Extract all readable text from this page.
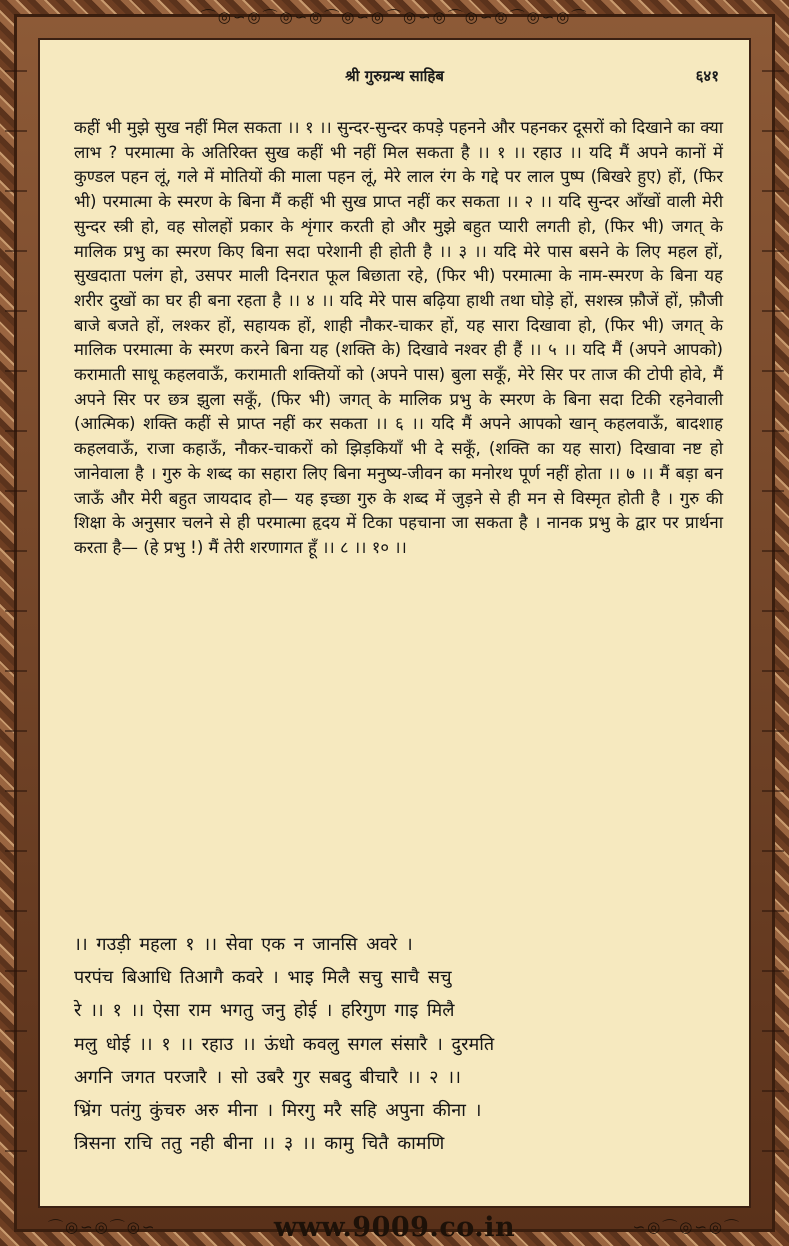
⌒◎∽◎⌒◎∽◎⌒◎∽◎⌒◎∽◎⌒◎∽◎⌒◎∽◎⌒
श्री गुरुग्रन्थ साहिब	६४१

कहीं भी मुझे सुख नहीं मिल सकता ।। १ ।। सुन्दर-सुन्दर कपड़े पहनने और पहनकर दूसरों को दिखाने का क्या लाभ ? परमात्मा के अतिरिक्त सुख कहीं भी नहीं मिल सकता है ।। १ ।। रहाउ ।। यदि मैं अपने कानों में कुण्डल पहन लूं, गले में मोतियों की माला पहन लूं, मेरे लाल रंग के गद्दे पर लाल पुष्प (बिखरे हुए) हों, (फिर भी) परमात्मा के स्मरण के बिना मैं कहीं भी सुख प्राप्त नहीं कर सकता ।। २ ।। यदि सुन्दर आँखों वाली मेरी सुन्दर स्त्री हो, वह सोलहों प्रकार के शृंगार करती हो और मुझे बहुत प्यारी लगती हो, (फिर भी) जगत् के मालिक प्रभु का स्मरण किए बिना सदा परेशानी ही होती है ।। ३ ।। यदि मेरे पास बसने के लिए महल हों, सुखदाता पलंग हो, उसपर माली दिनरात फूल बिछाता रहे, (फिर भी) परमात्मा के नाम-स्मरण के बिना यह शरीर दुखों का घर ही बना रहता है ।। ४ ।। यदि मेरे पास बढ़िया हाथी तथा घोड़े हों, सशस्त्र फ़ौजें हों, फ़ौजी बाजे बजते हों, लश्कर हों, सहायक हों, शाही नौकर-चाकर हों, यह सारा दिखावा हो, (फिर भी) जगत् के मालिक परमात्मा के स्मरण करने बिना यह (शक्ति के) दिखावे नश्वर ही हैं ।। ५ ।। यदि मैं (अपने आपको) करामाती साधू कहलवाऊँ, करामाती शक्तियों को (अपने पास) बुला सकूँ, मेरे सिर पर ताज की टोपी होवे, मैं अपने सिर पर छत्र झुला सकूँ, (फिर भी) जगत् के मालिक प्रभु के स्मरण के बिना सदा टिकी रहनेवाली (आत्मिक) शक्ति कहीं से प्राप्त नहीं कर सकता ।। ६ ।। यदि मैं अपने आपको खान् कहलवाऊँ, बादशाह कहलवाऊँ, राजा कहाऊँ, नौकर-चाकरों को झिड़कियाँ भी दे सकूँ, (शक्ति का यह सारा) दिखावा नष्ट हो जानेवाला है । गुरु के शब्द का सहारा लिए बिना मनुष्य-जीवन का मनोरथ पूर्ण नहीं होता ।। ७ ।। मैं बड़ा बन जाऊँ और मेरी बहुत जायदाद हो— यह इच्छा गुरु के शब्द में जुड़ने से ही मन से विस्मृत होती है । गुरु की शिक्षा के अनुसार चलने से ही परमात्मा हृदय में टिका पहचाना जा सकता है । नानक प्रभु के द्वार पर प्रार्थना करता है— (हे प्रभु !) मैं तेरी शरणागत हूँ ।। ८ ।। १० ।।

।। गउड़ी महला १ ।। सेवा एक न जानसि अवरे ।
परपंच बिआधि तिआगै कवरे । भाइ मिलै सचु साचै सचु
रे ।। १ ।। ऐसा राम भगतु जनु होई । हरिगुण गाइ मिलै
मलु धोई ।। १ ।। रहाउ ।। ऊंधो कवलु सगल संसारै । दुरमति
अगनि जगत परजारै । सो उबरै गुर सबदु बीचारै ।। २ ।।
भ्रिंग पतंगु कुंचरु अरु मीना । मिरगु मरै सहि अपुना कीना ।
त्रिसना राचि ततु नही बीना ।। ३ ।। कामु चितै कामणि
⌒◎∽◎⌒◎∽	www.9009.co.in	∽◎⌒◎∽◎⌒
